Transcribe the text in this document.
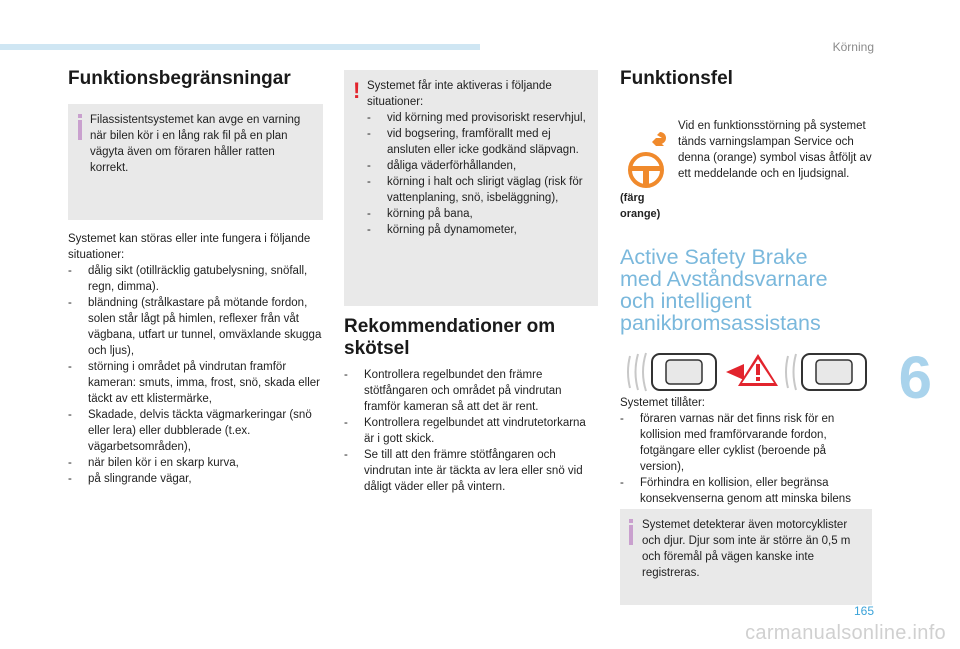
Körning
Funktionsbegränsningar
Filassistentsystemet kan avge en varning när bilen kör i en lång rak fil på en plan vägyta även om föraren håller ratten korrekt.
Systemet kan störas eller inte fungera i följande situationer:
- dålig sikt (otillräcklig gatubelysning, snöfall, regn, dimma).
- bländning (strålkastare på mötande fordon, solen står lågt på himlen, reflexer från våt vägbana, utfart ur tunnel, omväxlande skugga och ljus),
- störning i området på vindrutan framför kameran: smuts, imma, frost, snö, skada eller täckt av ett klistermärke,
- Skadade, delvis täckta vägmarkeringar (snö eller lera) eller dubblerade (t.ex. vägarbetsområden),
- när bilen kör i en skarp kurva,
- på slingrande vägar,
! Systemet får inte aktiveras i följande situationer:
- vid körning med provisoriskt reservhjul,
- vid bogsering, framförallt med ej ansluten eller icke godkänd släpvagn.
- dåliga väderförhållanden,
- körning i halt och slirigt väglag (risk för vattenplaning, snö, isbeläggning),
- körning på bana,
- körning på dynamometer,
Rekommendationer om skötsel
- Kontrollera regelbundet den främre stötfångaren och området på vindrutan framför kameran så att det är rent.
- Kontrollera regelbundet att vindrutetorkarna är i gott skick.
- Se till att den främre stötfångaren och vindrutan inte är täckta av lera eller snö vid dåligt väder eller på vintern.
Funktionsfel
(färg orange)
Vid en funktionsstörning på systemet tänds varningslampan Service och denna (orange) symbol visas åtföljt av ett meddelande och en ljudsignal.
Active Safety Brake med Avståndsvarnare och intelligent panikbromsassistans
Systemet tillåter:
- föraren varnas när det finns risk för en kollision med framförvarande fordon, fotgängare eller cyklist (beroende på version),
- Förhindra en kollision, eller begränsa konsekvenserna genom att minska bilens
Systemet detekterar även motorcyklister och djur. Djur som inte är större än 0,5 m och föremål på vägen kanske inte registreras.
6
165
carmanualsonline.info
